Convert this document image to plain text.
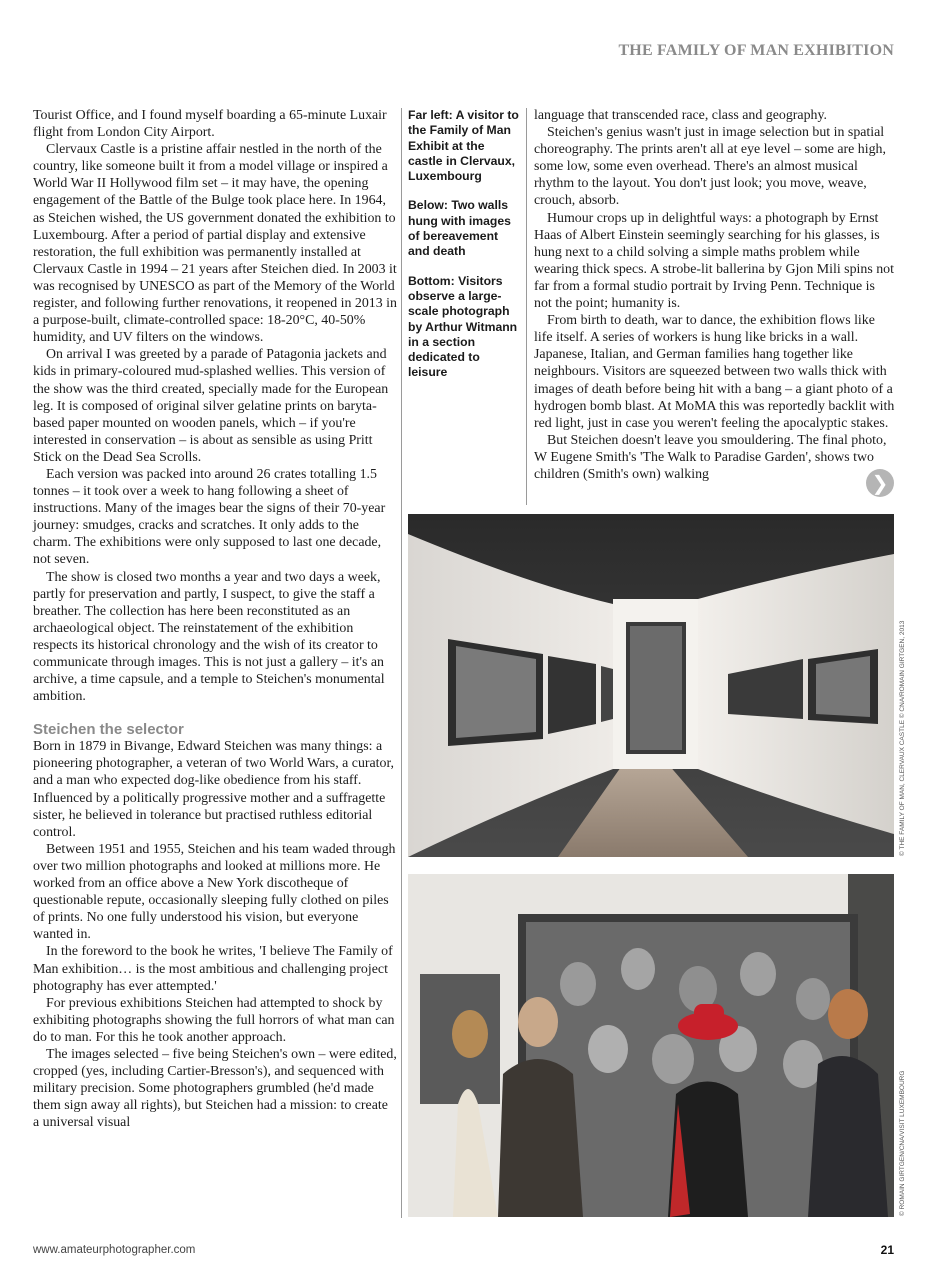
THE FAMILY OF MAN EXHIBITION

Tourist Office, and I found myself boarding a 65-minute Luxair flight from London City Airport.

Clervaux Castle is a pristine affair nestled in the north of the country, like someone built it from a model village or inspired a World War II Hollywood film set – it may have, the opening engagement of the Battle of the Bulge took place here. In 1964, as Steichen wished, the US government donated the exhibition to Luxembourg. After a period of partial display and extensive restoration, the full exhibition was permanently installed at Clervaux Castle in 1994 – 21 years after Steichen died. In 2003 it was recognised by UNESCO as part of the Memory of the World register, and following further renovations, it reopened in 2013 in a purpose-built, climate-controlled space: 18-20°C, 40-50% humidity, and UV filters on the windows.

On arrival I was greeted by a parade of Patagonia jackets and kids in primary-coloured mud-splashed wellies. This version of the show was the third created, specially made for the European leg. It is composed of original silver gelatine prints on baryta-based paper mounted on wooden panels, which – if you're interested in conservation – is about as sensible as using Pritt Stick on the Dead Sea Scrolls.

Each version was packed into around 26 crates totalling 1.5 tonnes – it took over a week to hang following a sheet of instructions. Many of the images bear the signs of their 70-year journey: smudges, cracks and scratches. It only adds to the charm. The exhibitions were only supposed to last one decade, not seven.

The show is closed two months a year and two days a week, partly for preservation and partly, I suspect, to give the staff a breather. The collection has here been reconstituted as an archaeological object. The reinstatement of the exhibition respects its historical chronology and the wish of its creator to communicate through images. This is not just a gallery – it's an archive, a time capsule, and a temple to Steichen's monumental ambition.

Steichen the selector

Born in 1879 in Bivange, Edward Steichen was many things: a pioneering photographer, a veteran of two World Wars, a curator, and a man who expected dog-like obedience from his staff. Influenced by a politically progressive mother and a suffragette sister, he believed in tolerance but practised ruthless editorial control.

Between 1951 and 1955, Steichen and his team waded through over two million photographs and looked at millions more. He worked from an office above a New York discotheque of questionable repute, occasionally sleeping fully clothed on piles of prints. No one fully understood his vision, but everyone wanted in.

In the foreword to the book he writes, 'I believe The Family of Man exhibition… is the most ambitious and challenging project photography has ever attempted.'

For previous exhibitions Steichen had attempted to shock by exhibiting photographs showing the full horrors of what man can do to man. For this he took another approach.

The images selected – five being Steichen's own – were edited, cropped (yes, including Cartier-Bresson's), and sequenced with military precision. Some photographers grumbled (he'd made them sign away all rights), but Steichen had a mission: to create a universal visual

Far left: A visitor to the Family of Man Exhibit at the castle in Clervaux, Luxembourg

Below: Two walls hung with images of bereavement and death

Bottom: Visitors observe a large-scale photograph by Arthur Witmann in a section dedicated to leisure

language that transcended race, class and geography.

Steichen's genius wasn't just in image selection but in spatial choreography. The prints aren't all at eye level – some are high, some low, some even overhead. There's an almost musical rhythm to the layout. You don't just look; you move, weave, crouch, absorb.

Humour crops up in delightful ways: a photograph by Ernst Haas of Albert Einstein seemingly searching for his glasses, is hung next to a child solving a simple maths problem while wearing thick specs. A strobe-lit ballerina by Gjon Mili spins not far from a formal studio portrait by Irving Penn. Technique is not the point; humanity is.

From birth to death, war to dance, the exhibition flows like life itself. A series of workers is hung like bricks in a wall. Japanese, Italian, and German families hang together like neighbours. Visitors are squeezed between two walls thick with images of death before being hit with a bang – a giant photo of a hydrogen bomb blast. At MoMA this was reportedly backlit with red light, just in case you weren't feeling the apocalyptic stakes.

But Steichen doesn't leave you smouldering. The final photo, W Eugene Smith's 'The Walk to Paradise Garden', shows two children (Smith's own) walking	❯
© THE FAMILY OF MAN, CLERVAUX CASTLE © CNA/ROMAIN GIRTGEN, 2013
© ROMAIN GIRTGEN/CNA/VISIT LUXEMBOURG
www.amateurphotographer.com	21
